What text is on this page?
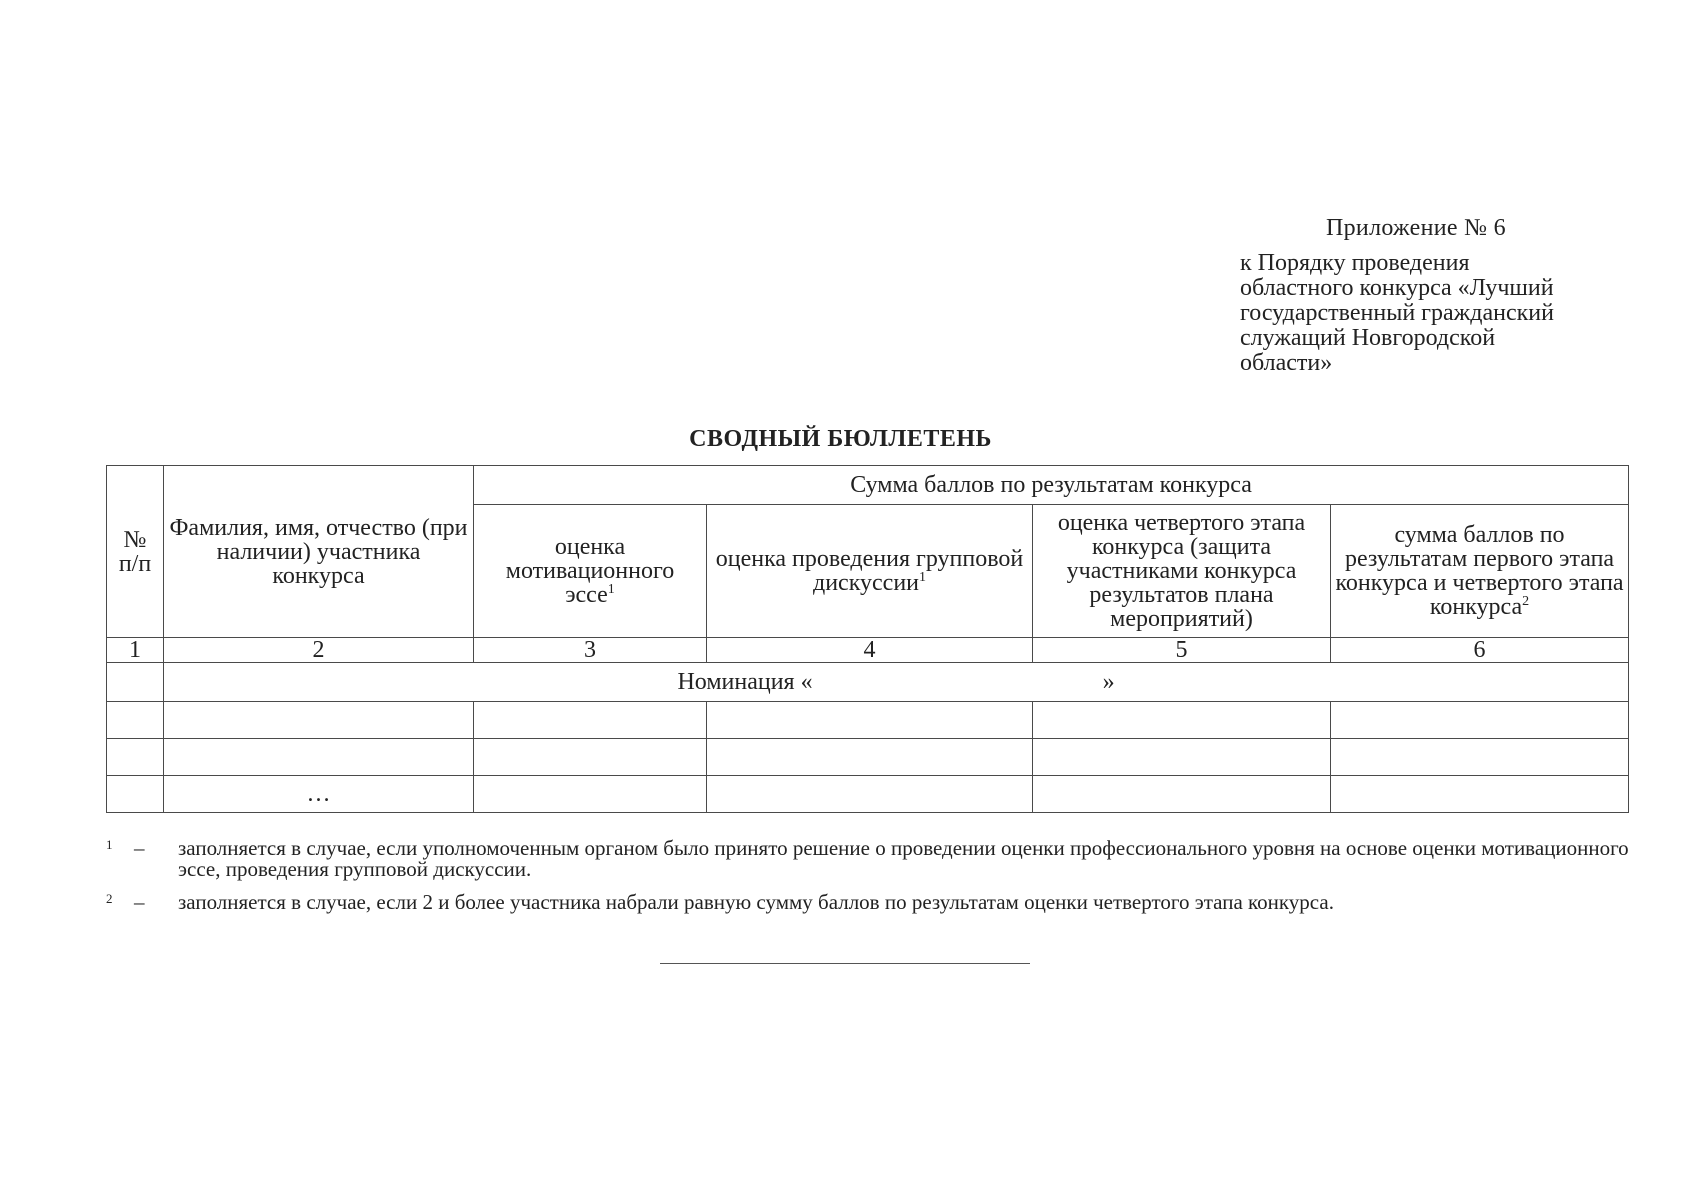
Приложение № 6
к Порядку проведения
областного конкурса «Лучший
государственный гражданский
служащий Новгородской
области»
СВОДНЫЙ БЮЛЛЕТЕНЬ
№ п/п	Фамилия, имя, отчество (при наличии) участника конкурса	Сумма баллов по результатам конкурса			
		оценка мотивационного эссе$^1$	оценка проведения групповой дискуссии$^1$	оценка четвертого этапа конкурса (защита участниками конкурса результатов плана мероприятий)	сумма баллов по результатам первого этапа конкурса и четвертого этапа конкурса$^2$
1	2	3	4	5	6
	Номинация « »				

	…				
1	–	заполняется в случае, если уполномоченным органом было принято решение о проведении оценки профессионального уровня на основе оценки мотивационного эссе, проведения групповой дискуссии.
2	–	заполняется в случае, если 2 и более участника набрали равную сумму баллов по результатам оценки четвертого этапа конкурса.
